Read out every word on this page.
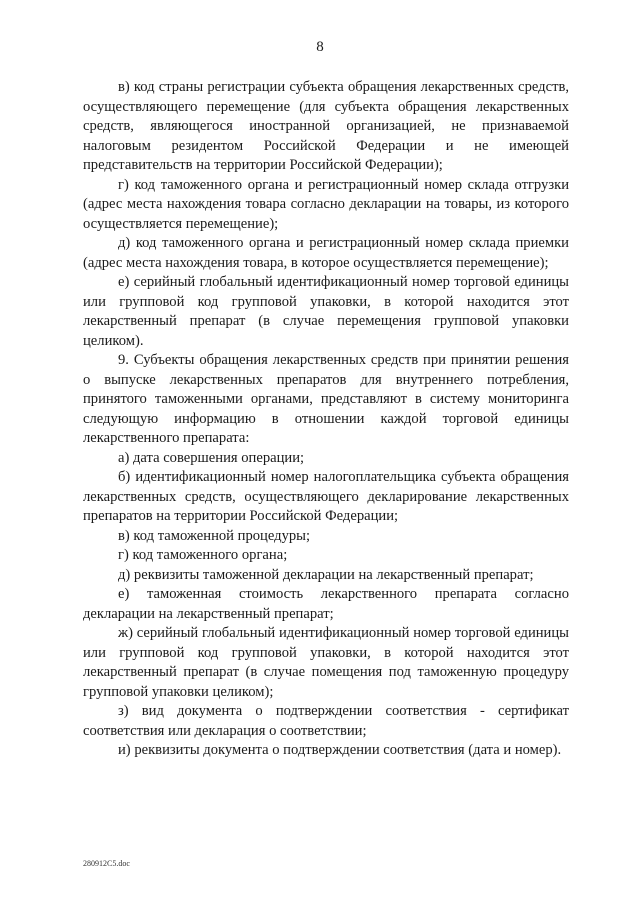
8

в) код страны регистрации субъекта обращения лекарственных средств, осуществляющего перемещение (для субъекта обращения лекарственных средств, являющегося иностранной организацией, не признаваемой налоговым резидентом Российской Федерации и не имеющей представительств на территории Российской Федерации);

г) код таможенного органа и регистрационный номер склада отгрузки (адрес места нахождения товара согласно декларации на товары, из которого осуществляется перемещение);

д) код таможенного органа и регистрационный номер склада приемки (адрес места нахождения товара, в которое осуществляется перемещение);

е) серийный глобальный идентификационный номер торговой единицы или групповой код групповой упаковки, в которой находится этот лекарственный препарат (в случае перемещения групповой упаковки целиком).

9. Субъекты обращения лекарственных средств при принятии решения о выпуске лекарственных препаратов для внутреннего потребления, принятого таможенными органами, представляют в систему мониторинга следующую информацию в отношении каждой торговой единицы лекарственного препарата:

а) дата совершения операции;

б) идентификационный номер налогоплательщика субъекта обращения лекарственных средств, осуществляющего декларирование лекарственных препаратов на территории Российской Федерации;

в) код таможенной процедуры;

г) код таможенного органа;

д) реквизиты таможенной декларации на лекарственный препарат;

е) таможенная стоимость лекарственного препарата согласно декларации на лекарственный препарат;

ж) серийный глобальный идентификационный номер торговой единицы или групповой код групповой упаковки, в которой находится этот лекарственный препарат (в случае помещения под таможенную процедуру групповой упаковки целиком);

з) вид документа о подтверждении соответствия - сертификат соответствия или декларация о соответствии;

и) реквизиты документа о подтверждении соответствия (дата и номер).

280912C5.doc
